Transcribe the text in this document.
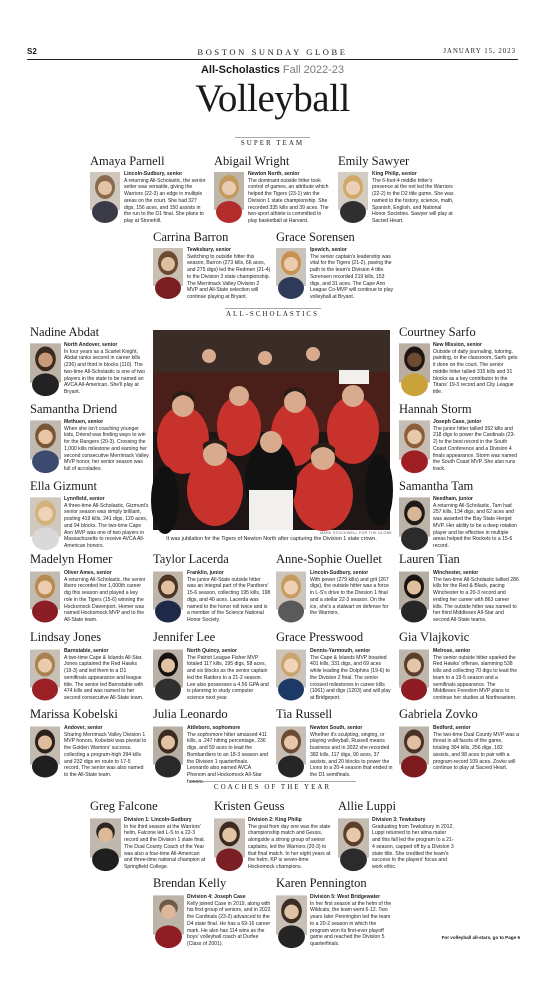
S2	BOSTON SUNDAY GLOBE	JANUARY 15, 2023
All-Scholastics Fall 2022-23
Volleyball
SUPER TEAM
ALL-SCHOLASTICS
COACHES OF THE YEAR
MARK STOCKWELL FOR THE GLOBE
It was jubilation for the Tigers of Newton North after capturing the Division 1 state crown.
For volleyball all-stars, go to Page 6
Amaya Parnell
Lincoln-Sudbury, senior
A returning All-Scholastic, the senior setter was versatile, giving the Warriors (22-3) an edge in multiple areas on the court. She had 327 digs, 156 aces, and 150 assists in the run to the D1 final. She plans to play at Stonehill.
Abigail Wright
Newton North, senior
The dominant outside hitter took control of games, an attribute which helped the Tigers (23-1) win the Division 1 state championship. She recorded 335 kills and 39 aces. The two-sport athlete is committed to play basketball at Harvard.
Emily Sawyer
King Philip, senior
The 6-foot-4 middle hitter's presence at the net led the Warriors (22-2) to the D2 title game. She was named to the history, science, math, Spanish, English, and National Honor Societies. Sawyer will play at Sacred Heart.
Carrina Barron
Tewksbury, senior
Switching to outside hitter this season, Barron (273 kills, 66 aces, and 275 digs) led the Redmen (21-4) to the Division 3 state championship. The Merrimack Valley Division 2 MVP and All-State selection will continue playing at Bryant.
Grace Sorensen
Ipswich, senior
The senior captain's leadership was vital for the Tigers (21-2), paving the path to the team's Division 4 title. Sorensen recorded 219 kills, 153 digs, and 31 aces. The Cape Ann League Co-MVP will continue to play volleyball at Bryant.
Nadine Abdat
North Andover, senior
In four years as a Scarlet Knight, Abdat ranks second in career kills (236) and third in blocks (110). The two-time All-Scholastic is one of two players in the state to be named an AVCA All-American. She'll play at Bryant.
Samantha Driend
Methuen, senior
When she isn't coaching younger kids, Driend was finding ways to win for the Rangers (20-3). Crossing the 1,000 kills milestone and earning her second consecutive Merrimack Valley MVP honor, her senior season was full of accolades.
Ella Gizmunt
Lynnfield, senior
A three-time All-Scholastic, Gizmunt's senior season was simply brilliant, posting 419 kills, 241 digs, 120 aces, and 94 blocks. The two-time Cape Ann MVP was one of two players in Massachusetts to receive AVCA All-American honors.
Courtney Sarfo
New Mission, senior
Outside of daily journaling, tutoring, painting, or the classroom, Sarfo gets it done on the court. The senior middle hitter tallied 315 kills and 31 blocks as a key contributor to the Titans' 19-3 record and City League title.
Hannah Storm
Joseph Case, junior
The junior hitter tallied 392 kills and 218 digs to power the Cardinals (23-2) to the best record in the South Coast Conference and a Division 4 finals appearance. Storm was named the South Coast MVP. She also runs track.
Samantha Tam
Needham, junior
A returning All-Scholastic, Tam had 257 kills, 134 digs, and 62 aces and was awarded the Bay State Herget MVP. Her ability to be a deep rotation player and be effective in multiple areas helped the Rockets to a 15-6 record.
Madelyn Homer
Oliver Ames, senior
A returning All-Scholastic, the senior libero recorded her 1,000th career dig this season and played a key role in the Tigers (15-6) winning the Hockomock Davenport. Homer was named Hockomock MVP and to the All-State team.
Taylor Lacerda
Franklin, junior
The junior All-State outside hitter was an integral part of the Panthers' 15-6 season, collecting 195 kills, 198 digs, and 40 aces. Lacerda was named to the honor roll twice and is a member of the Science National Honor Society.
Anne-Sophie Ouellet
Lincoln-Sudbury, senior
With power (279 kills) and grit (267 digs), the outside hitter was a force in L-S's drive to the Division 1 final and a stellar 22-3 season. On the ice, she's a stalwart on defense for the Warriors.
Lauren Tian
Winchester, senior
The two-time All-Scholastic tallied 286 kills for the Red & Black, pacing Winchester to a 20-3 record and ending her career with 863 career kills. The outside hitter was named to her third Middlesex All-Star and second All-State teams.
Lindsay Jones
Barnstable, senior
A two-time Cape & Islands All-Star, Jones captained the Red Hawks (19-3) and led them to a D1 semifinals appearance and league title. The senior led Barnstable with 474 kills and was named to her second consecutive All-State team.
Jennifer Lee
North Quincy, senior
The Patriot League Fisher MVP totaled 117 kills, 195 digs, 58 aces, and six blocks as the senior captain led the Raiders to a 21-2 season. Lee also possesses a 4.56 GPA and is planning to study computer science next year.
Grace Presswood
Dennis-Yarmouth, senior
The Cape & Islands MVP boasted 401 kills, 331 digs, and 69 aces while leading the Dolphins (19-6) to the Division 2 final. The senior crossed milestones in career kills (1061) and digs (1203) and will play at Bridgeport.
Gia Vlajkovic
Melrose, senior
The senior outside hitter sparked the Red Hawks' offense, slamming 538 kills and collecting 70 digs to lead the team to a 19-5 season and a semifinals appearance. The Middlesex Freedom MVP plans to continue her studies at Northeastern.
Marissa Kobelski
Andover, senior
Sharing Merrimack Valley Division 1 MVP honors, Kobelski was pivotal to the Golden Warriors' success, collecting a program-high 394 kills and 232 digs en route to 17-5 record. The senior was also named to the All-State team.
Julia Leonardo
Attleboro, sophomore
The sophomore hitter amassed 411 kills, a .247 hitting percentage, 236 digs, and 59 aces to lead the Bombardiers to an 18-3 season and the Division 1 quarterfinals. Leonardo also earned AVCA Phenom and Hockomock All-Star honors.
Tia Russell
Newton South, senior
Whether it's sculpting, singing, or playing volleyball, Russell means business and in 2022 she recorded 382 kills, 117 digs, 90 aces, 37 assists, and 20 blocks to power the Lions to a 20-4 season that ended in the D1 semifinals.
Gabriela Zovko
Bedford, senior
The two-time Dual County MVP was a threat in all facets of the game, totaling 304 kills, 256 digs, 182 assists, and 98 aces to pair with a program-record 109 aces. Zovko will continue to play at Sacred Heart.
Greg Falcone
Division 1: Lincoln-Sudbury
In his third season at the Warriors' helm, Falcone led L-S to a 22-3 record and the Division 1 state final. The Dual County Coach of the Year was also a four-time All-American and three-time national champion at Springfield College.
Kristen Geuss
Division 2: King Philip
The goal from day one was the state championship match and Geuss, alongside a strong group of senior captains, led the Warriors (20-3) to that final match. In her eight years at the helm, KP is seven-time Hockomock champions.
Allie Luppi
Division 3: Tewksbury
Graduating from Tewksbury in 2012, Luppi returned to her alma mater and this fall led the program to a 21-4 season, capped off by a Division 3 state title. She credited the team's success to the players' focus and work ethic.
Brendan Kelly
Division 4: Joseph Case
Kelly joined Case in 2019, along with his first group of seniors, and in 2022 the Cardinals (23-2) advanced to the D4 state final. He has a 69-16 career mark. He also has 114 wins as the boys' volleyball coach at Durfee (Class of 2001).
Karen Pennington
Division 5: West Bridgewater
In her first season at the helm of the Wildcats, the team went 6-12. Two years later Pennington led the team to a 20-2 season in which the program won its first-ever playoff game and reached the Division 5 quarterfinals.
